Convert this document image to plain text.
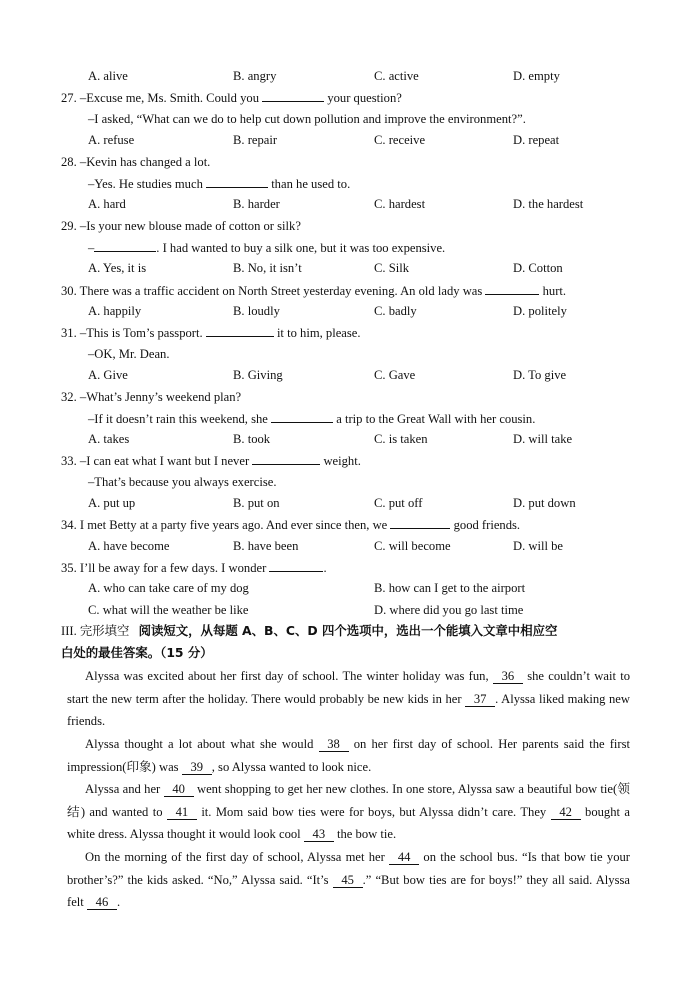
A. alive	B. angry	C. active	D. empty
27. –Excuse me, Ms. Smith. Could you	your question?
–I asked, “What can we do to help cut down pollution and improve the environment?”.
A. refuse	B. repair	C. receive	D. repeat
28. –Kevin has changed a lot.
–Yes. He studies much	than he used to.
A. hard	B. harder	C. hardest	D. the hardest
29. –Is your new blouse made of cotton or silk?
–	. I had wanted to buy a silk one, but it was too expensive.
A. Yes, it is	B. No, it isn’t	C. Silk	D. Cotton
30. There was a traffic accident on North Street yesterday evening. An old lady was	hurt.
A. happily	B. loudly	C. badly	D. politely
31. –This is Tom’s passport.	it to him, please.
–OK, Mr. Dean.
A. Give	B. Giving	C. Gave	D. To give
32. –What’s Jenny’s weekend plan?
–If it doesn’t rain this weekend, she	a trip to the Great Wall with her cousin.
A. takes	B. took	C. is taken	D. will take
33. –I can eat what I want but I never	weight.
–That’s because you always exercise.
A. put up	B. put on	C. put off	D. put down
34. I met Betty at a party five years ago. And ever since then, we	good friends.
A. have become	B. have been	C. will become	D. will be
35. I’ll be away for a few days. I wonder	.
A. who can take care of my dog	B. how can I get to the airport
C. what will the weather be like	D. where did you go last time
III. 完形填空 阅读短文，从每题 A、B、C、D 四个选项中，选出一个能填入文章中相应空
白处的最佳答案。（15 分）
Alyssa was excited about her first day of school. The winter holiday was fun, 36 she couldn’t wait to start the new term after the holiday. There would probably be new kids in her 37 . Alyssa liked making new friends.
Alyssa thought a lot about what she would 38 on her first day of school. Her parents said the first impression(印象) was 39 , so Alyssa wanted to look nice.
Alyssa and her 40 went shopping to get her new clothes. In one store, Alyssa saw a beautiful bow tie(领结) and wanted to 41 it. Mom said bow ties were for boys, but Alyssa didn’t care. They 42 bought a white dress. Alyssa thought it would look cool 43 the bow tie.
On the morning of the first day of school, Alyssa met her 44 on the school bus. “Is that bow tie your brother’s?” the kids asked. “No,” Alyssa said. “It’s 45 .” “But bow ties are for boys!” they all said. Alyssa felt 46 .
